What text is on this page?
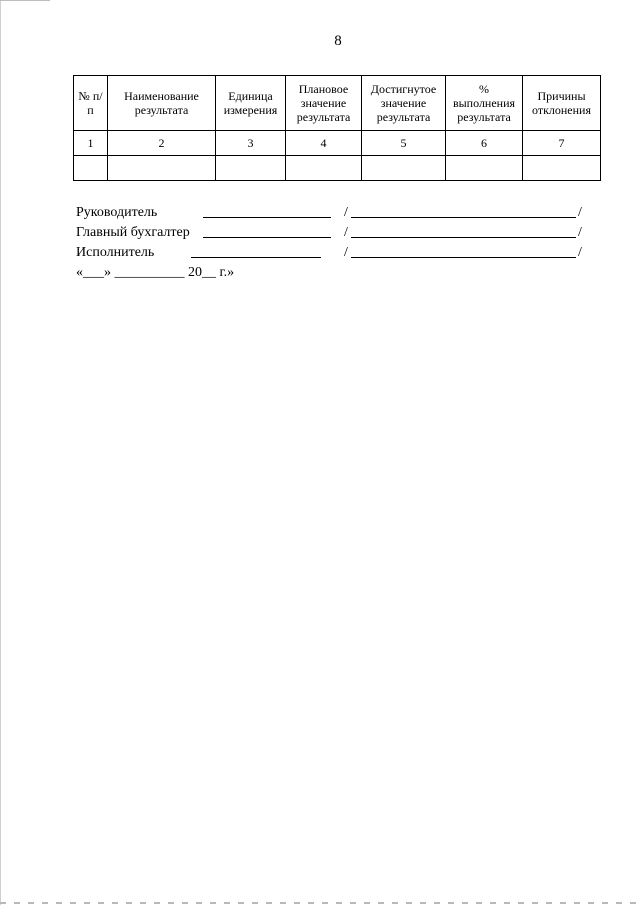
8
№ п/п	Наименование результата	Единица измерения	Плановое значение результата	Достигнутое значение результата	% выполнения результата	Причины отклонения
1	2	3	4	5	6	7

Руководитель	/	/
Главный бухгалтер	/	/
Исполнитель	/	/
«___» __________ 20__ г.»
